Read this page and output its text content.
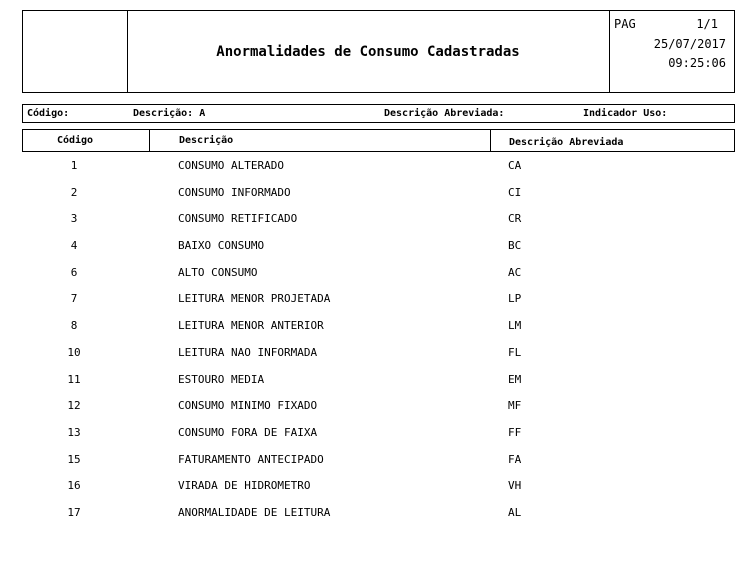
Anormalidades de Consumo Cadastradas
PAG	1/1
25/07/2017
09:25:06
Código:	Descrição: A	Descrição Abreviada:	Indicador Uso:
Código	Descrição	Descrição Abreviada
1	CONSUMO ALTERADO	CA
2	CONSUMO INFORMADO	CI
3	CONSUMO RETIFICADO	CR
4	BAIXO CONSUMO	BC
6	ALTO CONSUMO	AC
7	LEITURA MENOR PROJETADA	LP
8	LEITURA MENOR ANTERIOR	LM
10	LEITURA NAO INFORMADA	FL
11	ESTOURO MEDIA	EM
12	CONSUMO MINIMO FIXADO	MF
13	CONSUMO FORA DE FAIXA	FF
15	FATURAMENTO ANTECIPADO	FA
16	VIRADA DE HIDROMETRO	VH
17	ANORMALIDADE DE LEITURA	AL
